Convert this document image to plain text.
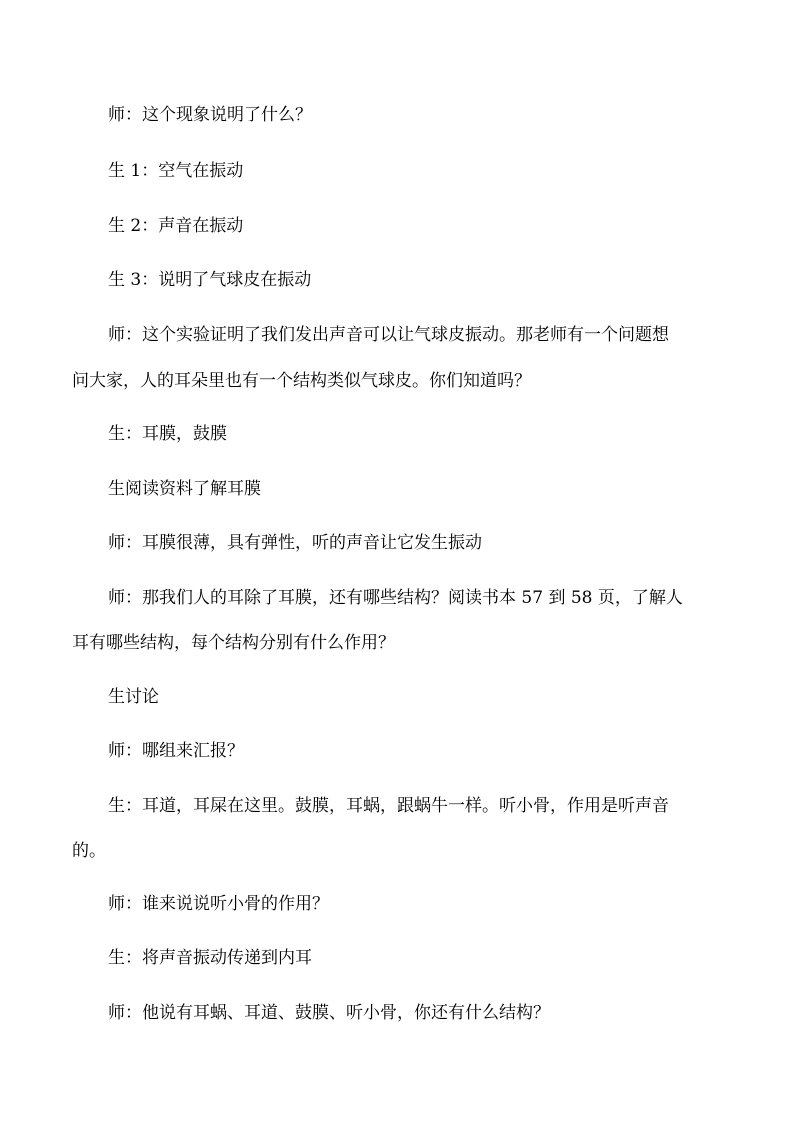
师：这个现象说明了什么？

生 1：空气在振动

生 2：声音在振动

生 3：说明了气球皮在振动

师：这个实验证明了我们发出声音可以让气球皮振动。那老师有一个问题想

问大家，人的耳朵里也有一个结构类似气球皮。你们知道吗？

生：耳膜，鼓膜

生阅读资料了解耳膜

师：耳膜很薄，具有弹性，听的声音让它发生振动

师：那我们人的耳除了耳膜，还有哪些结构？阅读书本 57 到 58 页，了解人

耳有哪些结构，每个结构分别有什么作用？

生讨论

师：哪组来汇报？

生：耳道，耳屎在这里。鼓膜，耳蜗，跟蜗牛一样。听小骨，作用是听声音

的。

师：谁来说说听小骨的作用？

生：将声音振动传递到内耳

师：他说有耳蜗、耳道、鼓膜、听小骨，你还有什么结构？
